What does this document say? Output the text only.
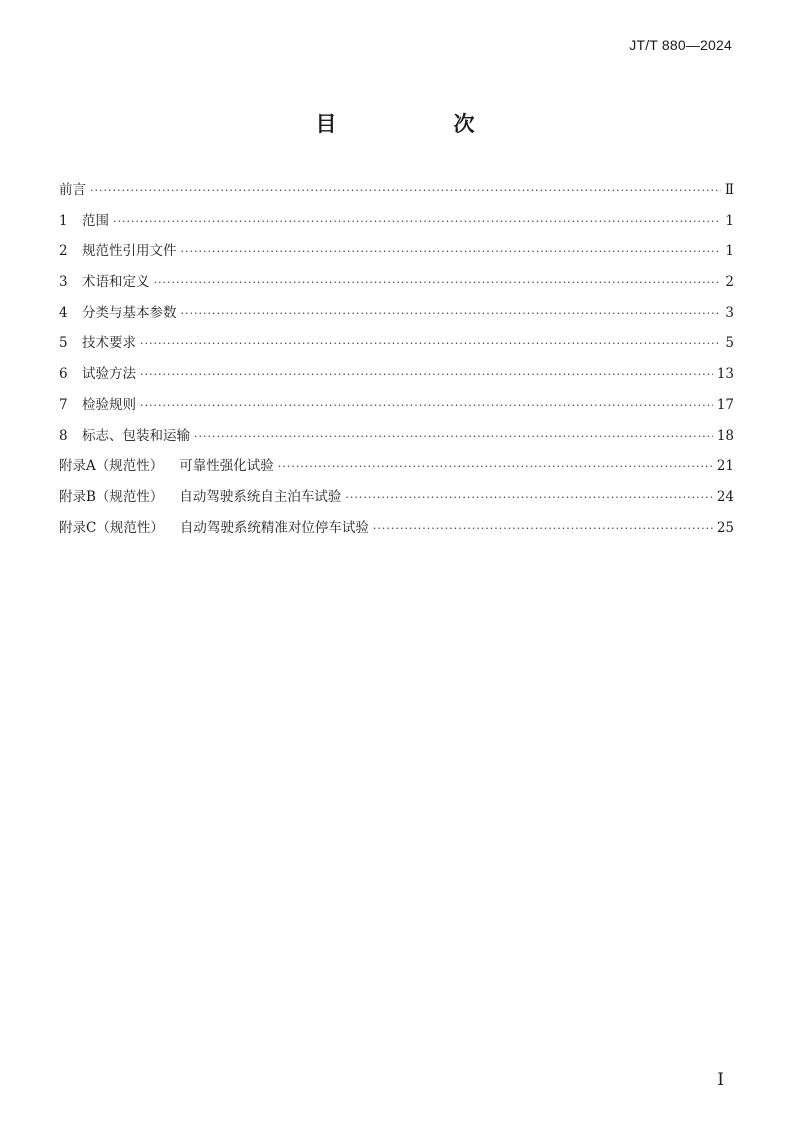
JT/T 880—2024
目　次
前言 ·····	Ⅱ
1	范围 ·····	1
2	规范性引用文件 ·····	1
3	术语和定义 ·····	2
4	分类与基本参数 ·····	3
5	技术要求 ·····	5
6	试验方法 ·····	13
7	检验规则 ·····	17
8	标志、包装和运输 ·····	18
附录A（规范性） 可靠性强化试验 ·····	21
附录B（规范性） 自动驾驶系统自主泊车试验 ·····	24
附录C（规范性） 自动驾驶系统精准对位停车试验 ·····	25
Ⅰ
